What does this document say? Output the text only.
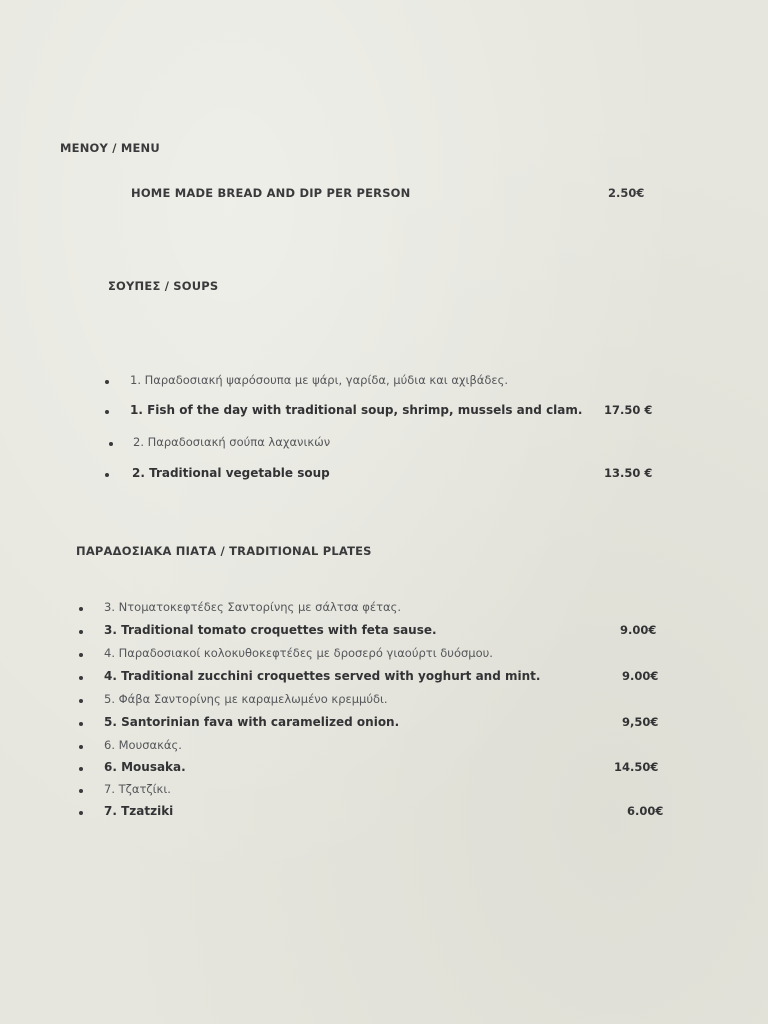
ΜΕΝΟΥ / MENU
HOME MADE BREAD AND DIP PER PERSON	2.50€
ΣΟΥΠΕΣ / SOUPS
1. Παραδοσιακή ψαρόσουπα με ψάρι, γαρίδα, μύδια και αχιβάδες.
1. Fish of the day with traditional soup, shrimp, mussels and clam. 17.50 €
2. Παραδοσιακή σούπα λαχανικών
2. Traditional vegetable soup	13.50 €
ΠΑΡΑΔΟΣΙΑΚΑ ΠΙΑΤΑ / TRADITIONAL PLATES
3. Ντοματοκεφτέδες Σαντορίνης με σάλτσα φέτας.
3. Traditional tomato croquettes with feta sause.	9.00€
4. Παραδοσιακοί κολοκυθοκεφτέδες με δροσερό γιαούρτι δυόσμου.
4. Traditional zucchini croquettes served with yoghurt and mint.	9.00€
5. Φάβα Σαντορίνης με καραμελωμένο κρεμμύδι.
5. Santorinian fava with caramelized onion.	9,50€
6. Μουσακάς.
6. Mousaka.	14.50€
7. Τζατζίκι.
7. Tzatziki	6.00€
